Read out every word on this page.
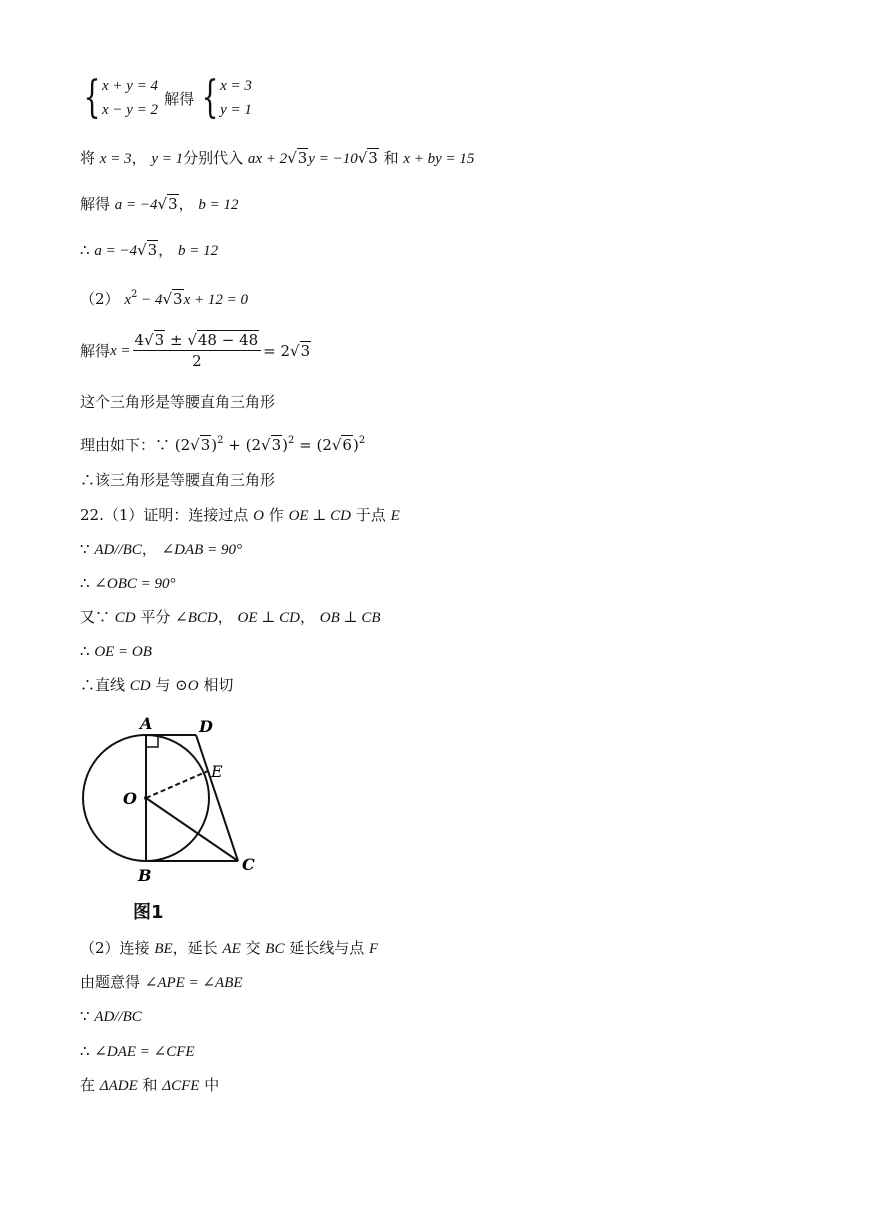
{ x + y = 4
x − y = 2
解得 { x = 3
y = 1
将 x = 3， y = 1分别代入 ax + 2√3y = −10√3 和 x + by = 15
解得 a = −4√3， b = 12
∴ a = −4√3， b = 12
（2） $x^2 - 4√3x + 12 = 0$
解得 $x = \frac{4√3 \pm √48 - 48}{2} = 2$ √3
这个三角形是等腰直角三角形
理由如下：∵ $(2√3)^2 + (2√3)^2 = (2√6)^2$
∴该三角形是等腰直角三角形
22.（1）证明：连接过点 O 作 OE ⊥ CD 于点 E
∵ AD//BC， ∠DAB = 90°
∴ ∠OBC = 90°
又∵ CD 平分 ∠BCD， OE ⊥ CD， OB ⊥ CB
∴ OE = OB
∴直线 CD 与 ⊙O 相切
A	D
E
O
B
C
图1
（2）连接 BE，延长 AE 交 BC 延长线与点 F
由题意得 ∠APE = ∠ABE
∵ AD//BC
∴ ∠DAE = ∠CFE
在 ΔADE 和 ΔCFE 中
